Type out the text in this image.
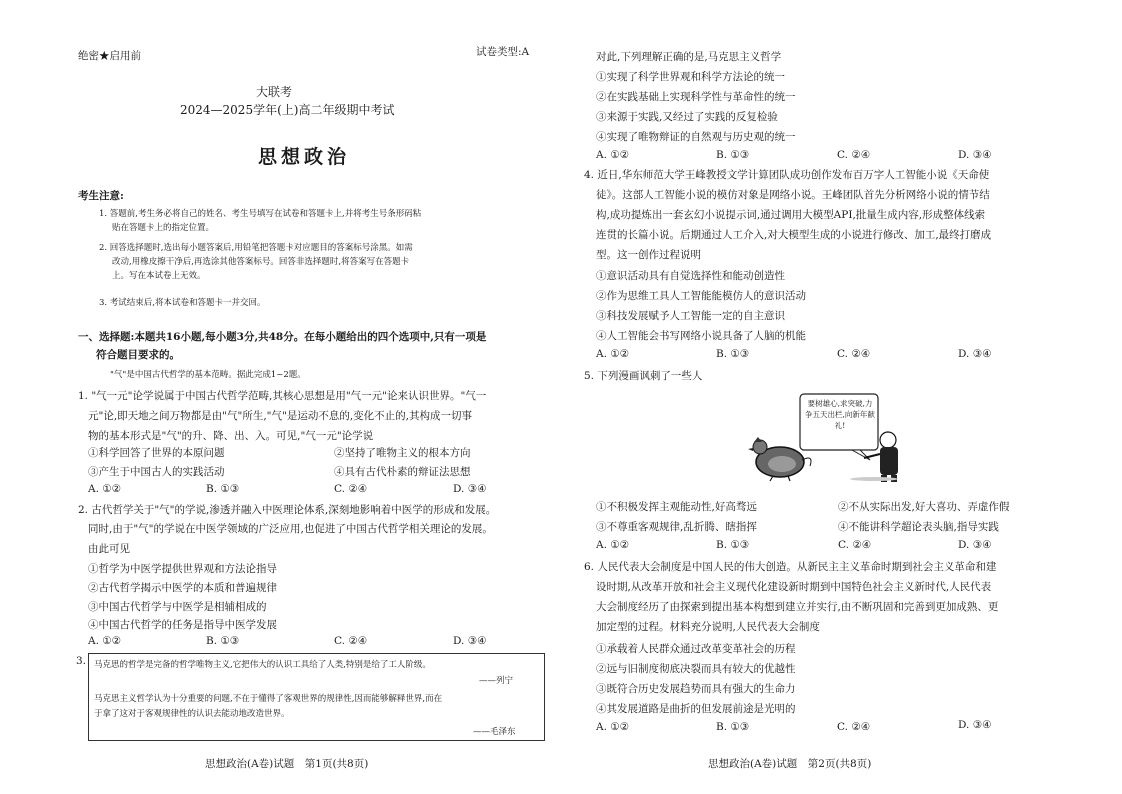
绝密★启用前	试卷类型:A
大联考
2024—2025学年(上)高二年级期中考试
思想政治
考生注意:
1. 答题前,考生务必将自己的姓名、考生号填写在试卷和答题卡上,并将考生号条形码粘
贴在答题卡上的指定位置。
2. 回答选择题时,选出每小题答案后,用铅笔把答题卡对应题目的答案标号涂黑。如需
改动,用橡皮擦干净后,再选涂其他答案标号。回答非选择题时,将答案写在答题卡
上。写在本试卷上无效。
3. 考试结束后,将本试卷和答题卡一并交回。
一、选择题:本题共16小题,每小题3分,共48分。在每小题给出的四个选项中,只有一项是
符合题目要求的。
"气"是中国古代哲学的基本范畴。据此完成1~2题。
1. "气一元"论学说属于中国古代哲学范畴,其核心思想是用"气一元"论来认识世界。"气一
元"论,即天地之间万物都是由"气"所生,"气"是运动不息的,变化不止的,其构成一切事
物的基本形式是"气"的升、降、出、入。可见,"气一元"论学说
①科学回答了世界的本原问题	②坚持了唯物主义的根本方向
③产生于中国古人的实践活动	④具有古代朴素的辩证法思想
A. ①②	B. ①③	C. ②④	D. ③④
2. 古代哲学关于"气"的学说,渗透并融入中医理论体系,深刻地影响着中医学的形成和发展。
同时,由于"气"的学说在中医学领域的广泛应用,也促进了中国古代哲学相关理论的发展。
由此可见
①哲学为中医学提供世界观和方法论指导
②古代哲学揭示中医学的本质和普遍规律
③中国古代哲学与中医学是相辅相成的
④中国古代哲学的任务是指导中医学发展
A. ①②	B. ①③	C. ②④	D. ③④
3. 马克思的哲学是完备的哲学唯物主义,它把伟大的认识工具给了人类,特别是给了工人阶级。
——列宁
马克思主义哲学认为十分重要的问题,不在于懂得了客观世界的规律性,因而能够解释世界,而在
于拿了这对于客观规律性的认识去能动地改造世界。
——毛泽东
思想政治(A卷)试题　第1页(共8页)
对此,下列理解正确的是,马克思主义哲学
①实现了科学世界观和科学方法论的统一
②在实践基础上实现科学性与革命性的统一
③来源于实践,又经过了实践的反复检验
④实现了唯物辩证的自然观与历史观的统一
A. ①②	B. ①③	C. ②④	D. ③④
4. 近日,华东师范大学王峰教授文学计算团队成功创作发布百万字人工智能小说《天命使
徒》。这部人工智能小说的模仿对象是网络小说。王峰团队首先分析网络小说的情节结
构,成功提炼出一套玄幻小说提示词,通过调用大模型API,批量生成内容,形成整体线索
连贯的长篇小说。后期通过人工介入,对大模型生成的小说进行修改、加工,最终打磨成
型。这一创作过程说明
①意识活动具有自觉选择性和能动创造性
②作为思维工具人工智能能模仿人的意识活动
③科技发展赋予人工智能一定的自主意识
④人工智能会书写网络小说具备了人脑的机能
A. ①②	B. ①③	C. ②④	D. ③④
5. 下列漫画讽刺了一些人
①不积极发挥主观能动性,好高骛远	②不从实际出发,好大喜功、弄虚作假
③不尊重客观规律,乱折腾、瞎指挥	④不能讲科学超论表头脑,指导实践
A. ①②	B. ①③	C. ②④	D. ③④
6. 人民代表大会制度是中国人民的伟大创造。从新民主主义革命时期到社会主义革命和建
设时期,从改革开放和社会主义现代化建设新时期到中国特色社会主义新时代,人民代表
大会制度经历了由探索到提出基本构想到建立并实行,由不断巩固和完善到更加成熟、更
加定型的过程。材料充分说明,人民代表大会制度
①承载着人民群众通过改革变革社会的历程
②远与旧制度彻底决裂而具有较大的优越性
③既符合历史发展趋势而具有强大的生命力
④其发展道路是曲折的但发展前途是光明的
A. ①②	B. ①③	C. ②④	D. ③④
思想政治(A卷)试题　第2页(共8页)
要树雄心,求突破,力争五天出栏,向新年献礼!
